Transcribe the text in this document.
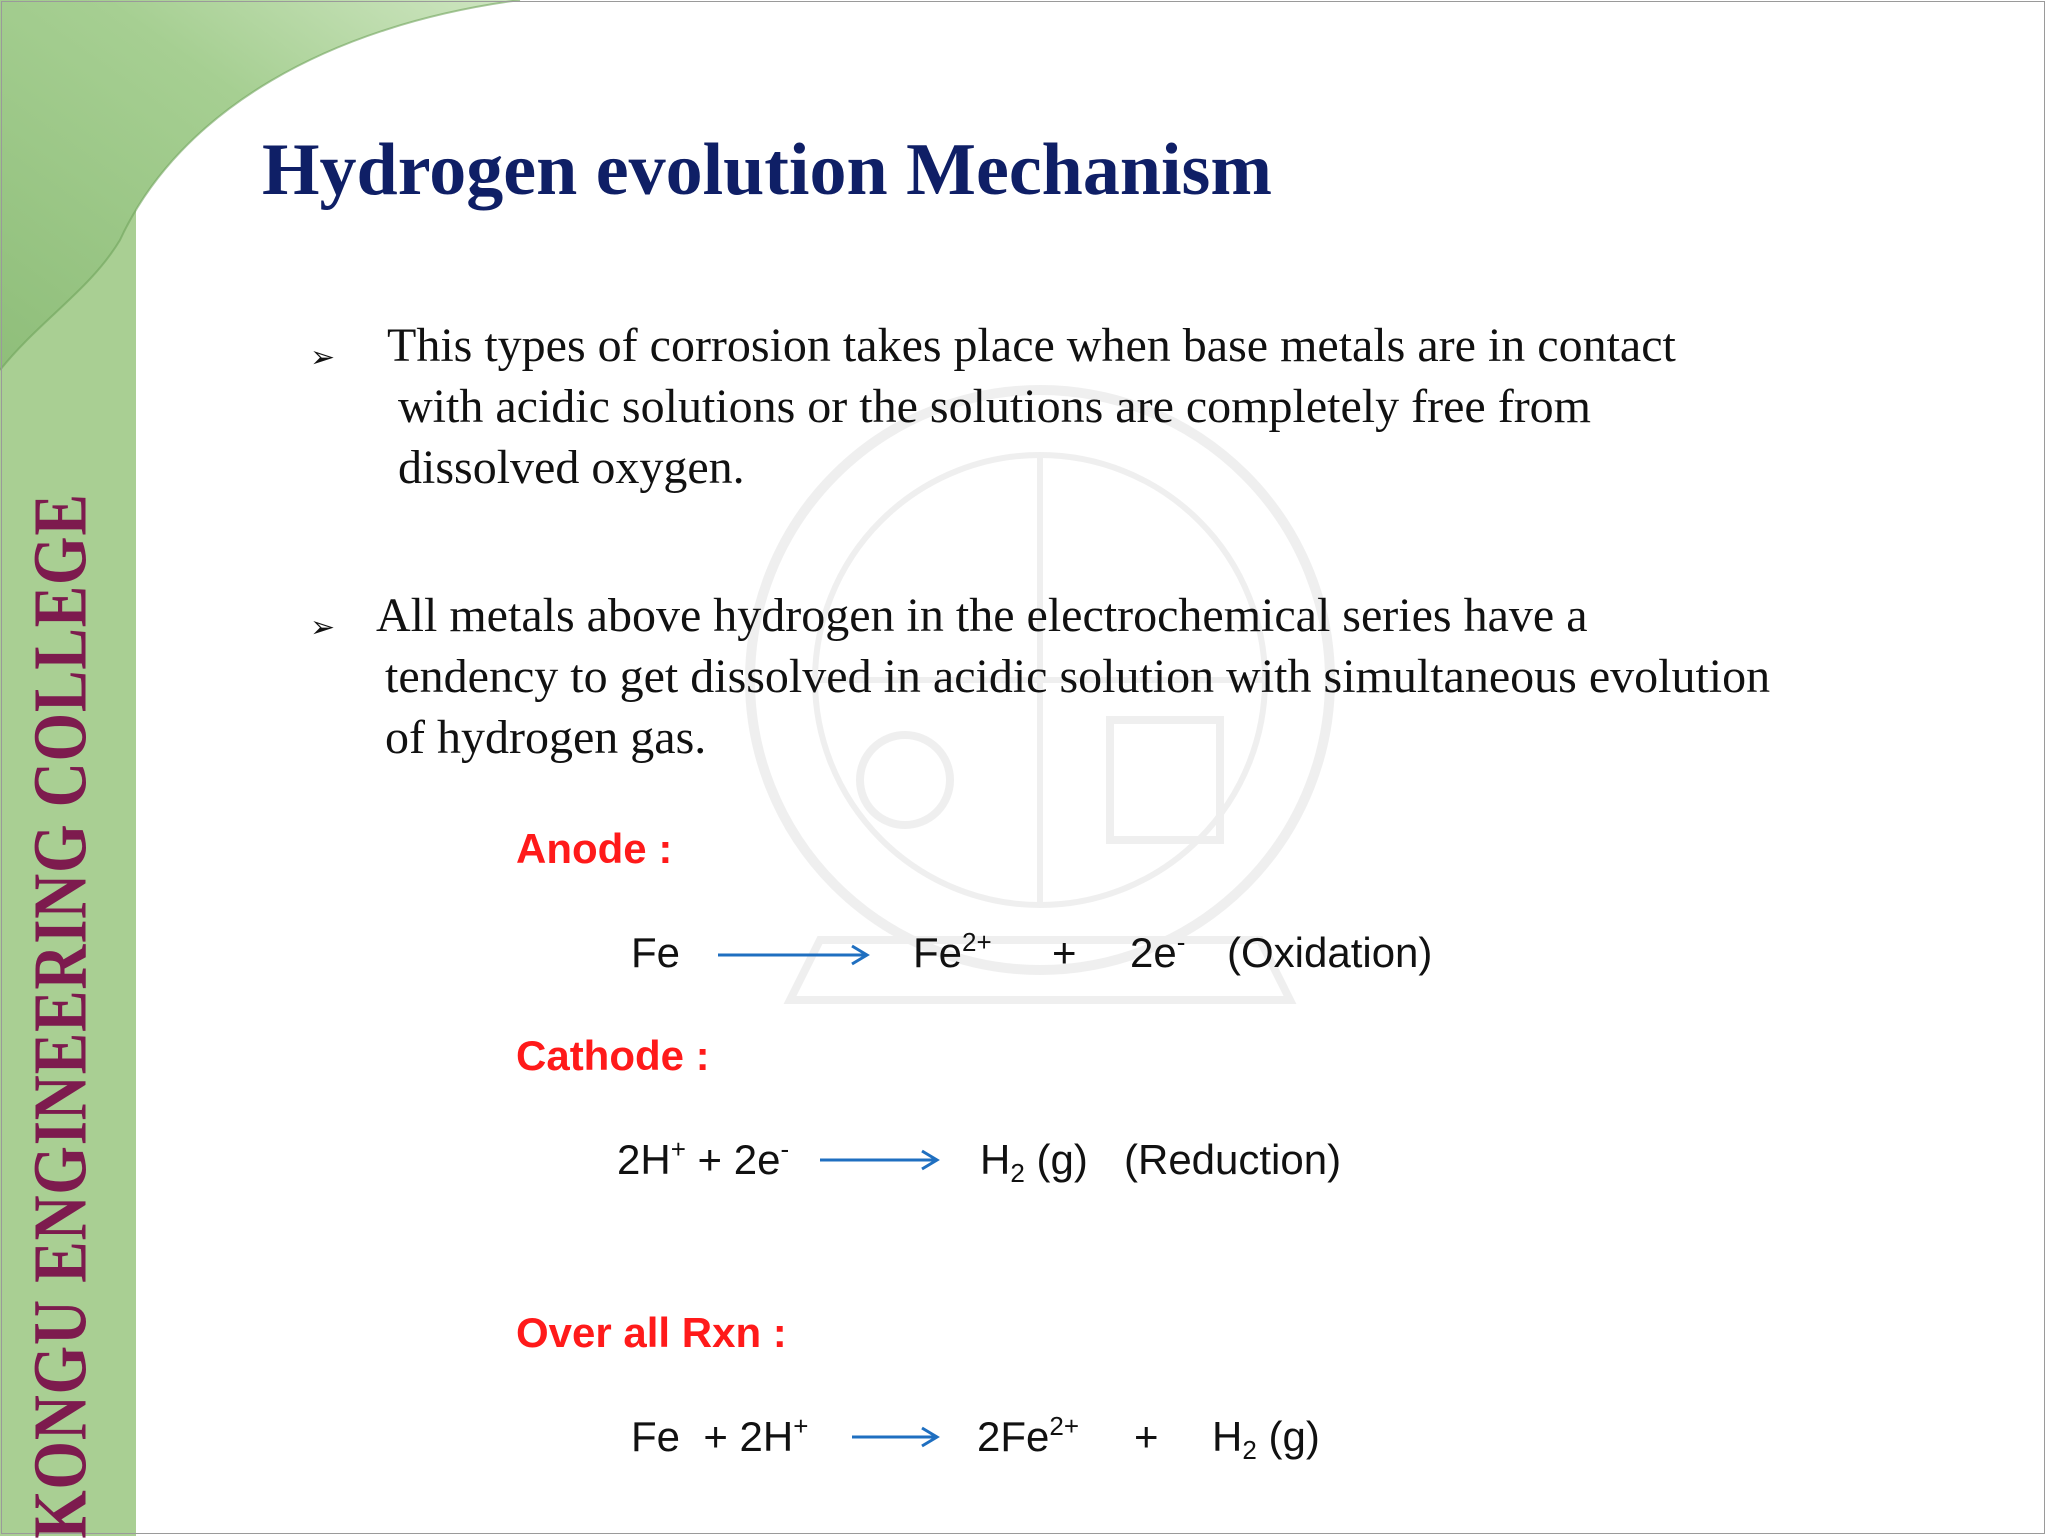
KONGU ENGINEERING COLLEGE
Hydrogen evolution Mechanism
➢	This types of corrosion takes place when base metals are in contact
with acidic solutions or the solutions are completely free from
dissolved oxygen.
➢ All metals above hydrogen in the electrochemical series have a
tendency to get dissolved in acidic solution with simultaneous evolution
of hydrogen gas.
Anode :
Fe	$Fe^{2+} + 2e^-$ (Oxidation)
Cathode :
2H+ + 2e-	$H_2$ (g) (Reduction)
Over all Rxn :
Fe + 2H+	$2Fe^{2+} + H_2$ (g)
